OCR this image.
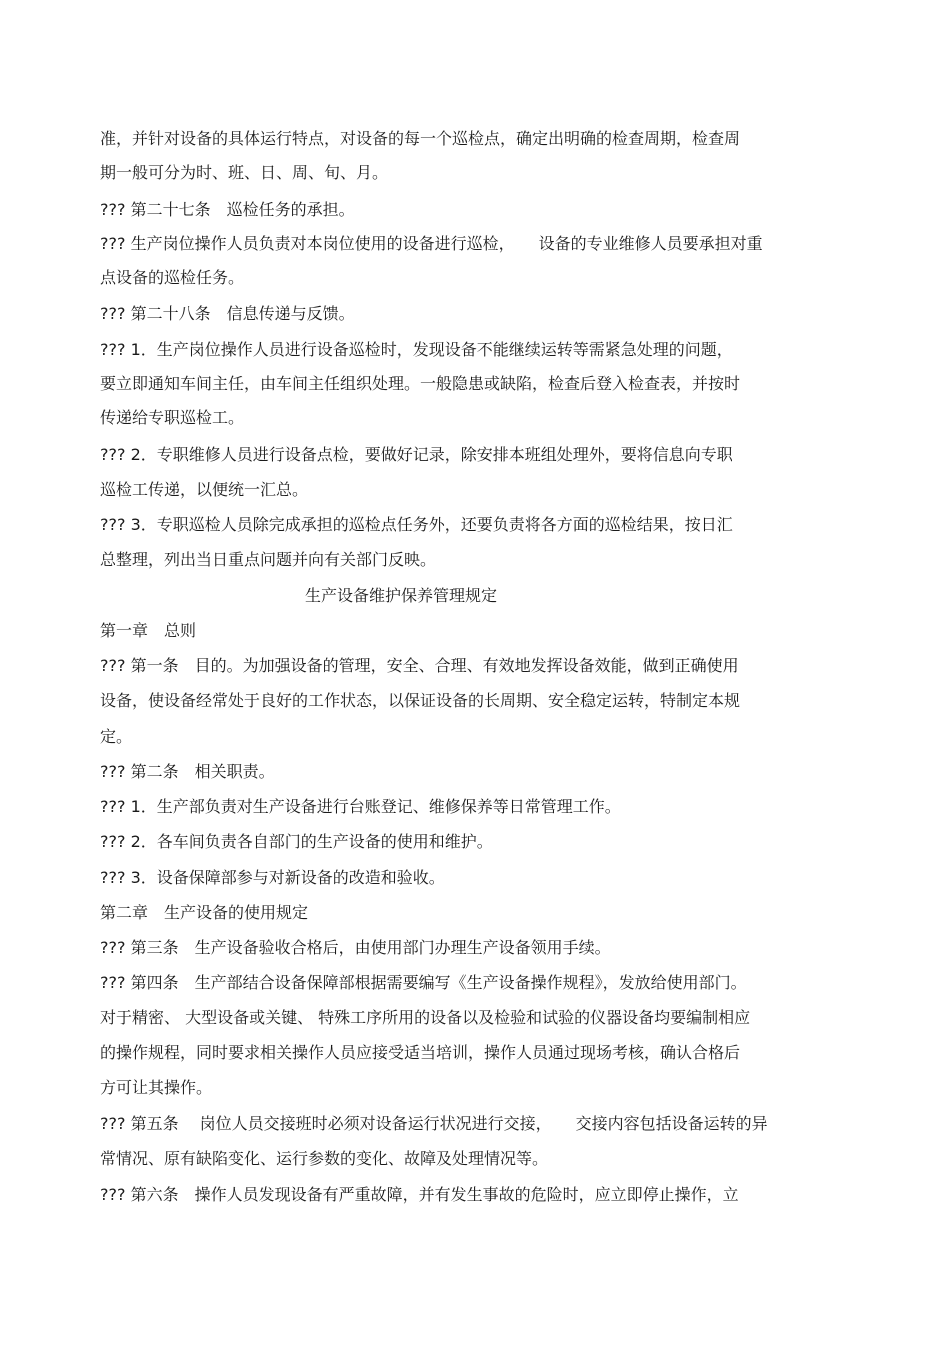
准，并针对设备的具体运行特点，对设备的每一个巡检点，确定出明确的检查周期，检查周
期一般可分为时、班、日、周、旬、月。
??? 第二十七条　巡检任务的承担。
??? 生产岗位操作人员负责对本岗位使用的设备进行巡检，　　设备的专业维修人员要承担对重
点设备的巡检任务。
??? 第二十八条　信息传递与反馈。
??? 1．生产岗位操作人员进行设备巡检时，发现设备不能继续运转等需紧急处理的问题，
要立即通知车间主任，由车间主任组织处理。一般隐患或缺陷，检查后登入检查表，并按时
传递给专职巡检工。
??? 2．专职维修人员进行设备点检，要做好记录，除安排本班组处理外，要将信息向专职
巡检工传递，以便统一汇总。
??? 3．专职巡检人员除完成承担的巡检点任务外，还要负责将各方面的巡检结果，按日汇
总整理，列出当日重点问题并向有关部门反映。
生产设备维护保养管理规定
第一章　总则
??? 第一条　目的。为加强设备的管理，安全、合理、有效地发挥设备效能，做到正确使用
设备，使设备经常处于良好的工作状态，以保证设备的长周期、安全稳定运转，特制定本规
定。
??? 第二条　相关职责。
??? 1．生产部负责对生产设备进行台账登记、维修保养等日常管理工作。
??? 2．各车间负责各自部门的生产设备的使用和维护。
??? 3．设备保障部参与对新设备的改造和验收。
第二章　生产设备的使用规定
??? 第三条　生产设备验收合格后，由使用部门办理生产设备领用手续。
??? 第四条　生产部结合设备保障部根据需要编写《生产设备操作规程》，发放给使用部门。
对于精密、 大型设备或关键、 特殊工序所用的设备以及检验和试验的仪器设备均要编制相应
的操作规程，同时要求相关操作人员应接受适当培训，操作人员通过现场考核，确认合格后
方可让其操作。
??? 第五条　 岗位人员交接班时必须对设备运行状况进行交接，　　交接内容包括设备运转的异
常情况、原有缺陷变化、运行参数的变化、故障及处理情况等。
??? 第六条　操作人员发现设备有严重故障，并有发生事故的危险时，应立即停止操作，立
